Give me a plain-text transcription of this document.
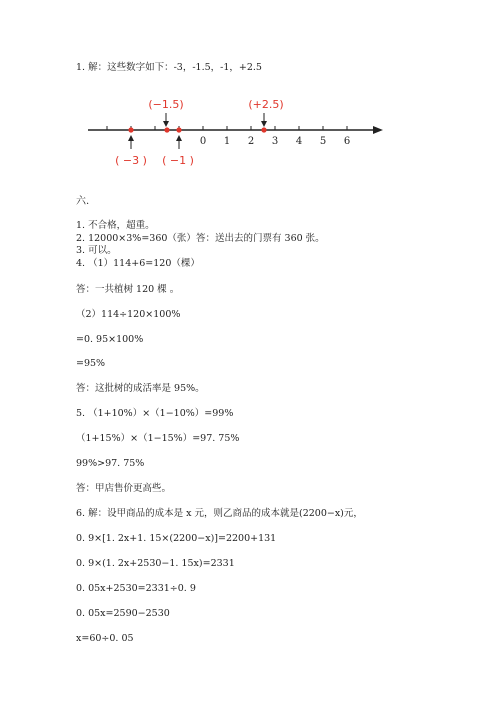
1. 解：这些数字如下：-3，-1.5，-1，+2.5
0 1 2 3 4 5 6
(−1.5)	(+2.5)
( −3 ) ( −1 )
六.
1. 不合格，超重。
2. 12000×3%=360（张） 答：送出去的门票有 360 张。
3. 可以。
4. （1）114+6=120（棵）
答：一共植树 120 棵 。
（2）114÷120×100%
=0. 95×100%
=95%
答：这批树的成活率是 95%。
5. （1+10%）×（1−10%）=99%
（1+15%）×（1−15%）=97. 75%
99%>97. 75%
答：甲店售价更高些。
6. 解：设甲商品的成本是 x 元，则乙商品的成本就是(2200−x)元，
0. 9×[1. 2x+1. 15×(2200−x)]=2200+131
0. 9×(1. 2x+2530−1. 15x)=2331
0. 05x+2530=2331÷0. 9
0. 05x=2590−2530
x=60÷0. 05
